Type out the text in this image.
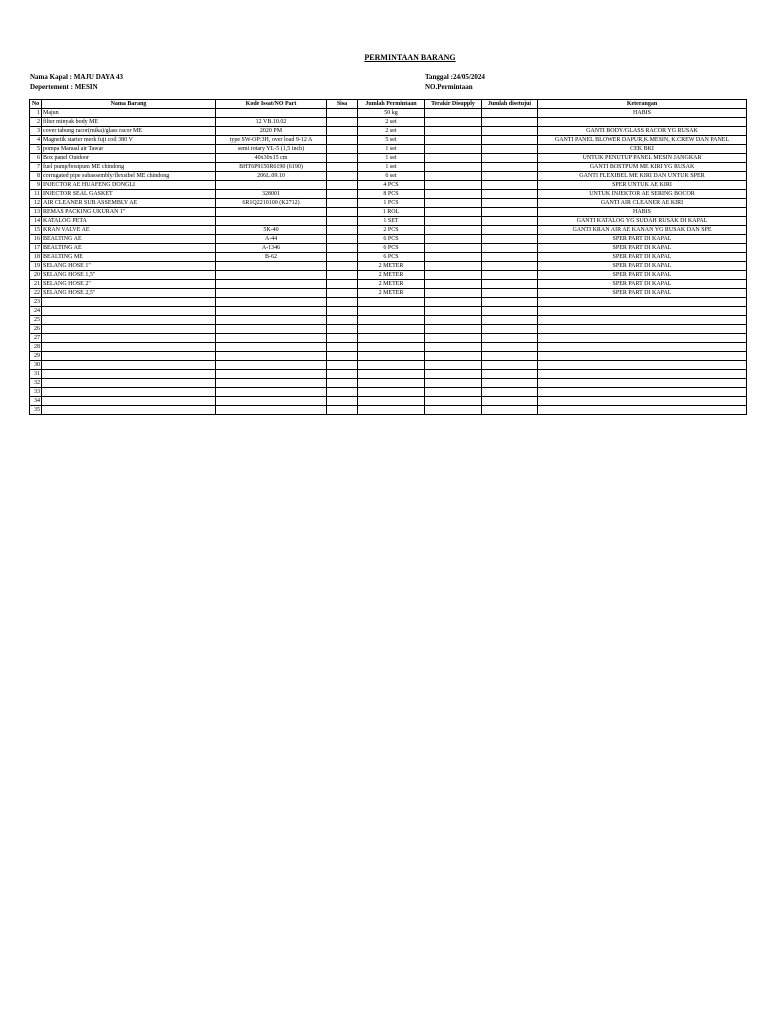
PERMINTAAN BARANG
Nama Kapal : MAJU DAYA 43
Depertement : MESIN
Tanggal :24/05/2024
NO.Permintaan
No	Nama Barang	Kode Issat/NO Part	Sisa	Jumlah Permintaan	Terakir Disupply	Jumlah disetujui	Keterangan
1	Majun			50 kg			HABIS
2	filter minyak body ME	12 VB.10.02		2 set			
3	cover tabung racor(mika)/glass racor ME	2020 PM		2 set			GANTI BODY/GLASS RACOR YG RUSAK
4	Magnetik starter merk fuji coil 380 V	type SW-OP:3H, over load 9-12 A		5 set			GANTI PANEL BLOWER DAPUR,K.MESIN, K.CREW DAN PANEL
5	pompa Manual air Tawar	semi rotary YL-5 (1,5 inch)		1 set			CEK BKI
6	Box panel Outdoor	40x30x15 cm		1 set			UNTUK PENUTUP PANEL MESIN JANGKAR
7	fuel pump/bostpum ME chindong	BHT6P9150R6190 (6190)		1 set			GANTI BOSTPUM ME KIRI YG RUSAK
8	corrugated pipe subassembly/flexsibel ME chindong	206L.09.10		6 set			GANTI FLEXIBEL ME KIRI DAN UNTUK SPER
9	INJECTOR AE HUAFENG DONGLI			4 PCS			SPER UNTUK AE KIRI
11	INJECTOR SEAL GASKET	328001		8 PCS			UNTUK INJEKTOR AE SERING BOCOR
12	AIR CLEANER SUB ASSEMBLY AE	6R1Q2210100 (K2712)		1 PCS			GANTI AIR CLEANER AE KIRI
13	REMAS PACKING UKURAN 1"			1 ROL			HABIS
14	KATALOG PETA			1 SET			GANTI KATALOG YG SUDAH RUSAK DI KAPAL
15	KRAN VALVE AE	5K-40		2 PCS			GANTI KRAN AIR AE KANAN YG RUSAK DAN SPE
16	BEALTING AE	A-44		6 PCS			SPER PART DI KAPAL
17	BEALTING AE	A-1346		6 PCS			SPER PART DI KAPAL
18	BEALTING ME	B-62		6 PCS			SPER PART DI KAPAL
19	SELANG HOSE 1"			2 METER			SPER PART DI KAPAL
20	SELANG HOSE 1,5"			2 METER			SPER PART DI KAPAL
21	SELANG HOSE 2"			2 METER			SPER PART DI KAPAL
22	SELANG HOSE 2,5"			2 METER			SPER PART DI KAPAL
23							
24							
25							
26							
27							
28							
29							
30							
31							
32							
33							
34							
35							
